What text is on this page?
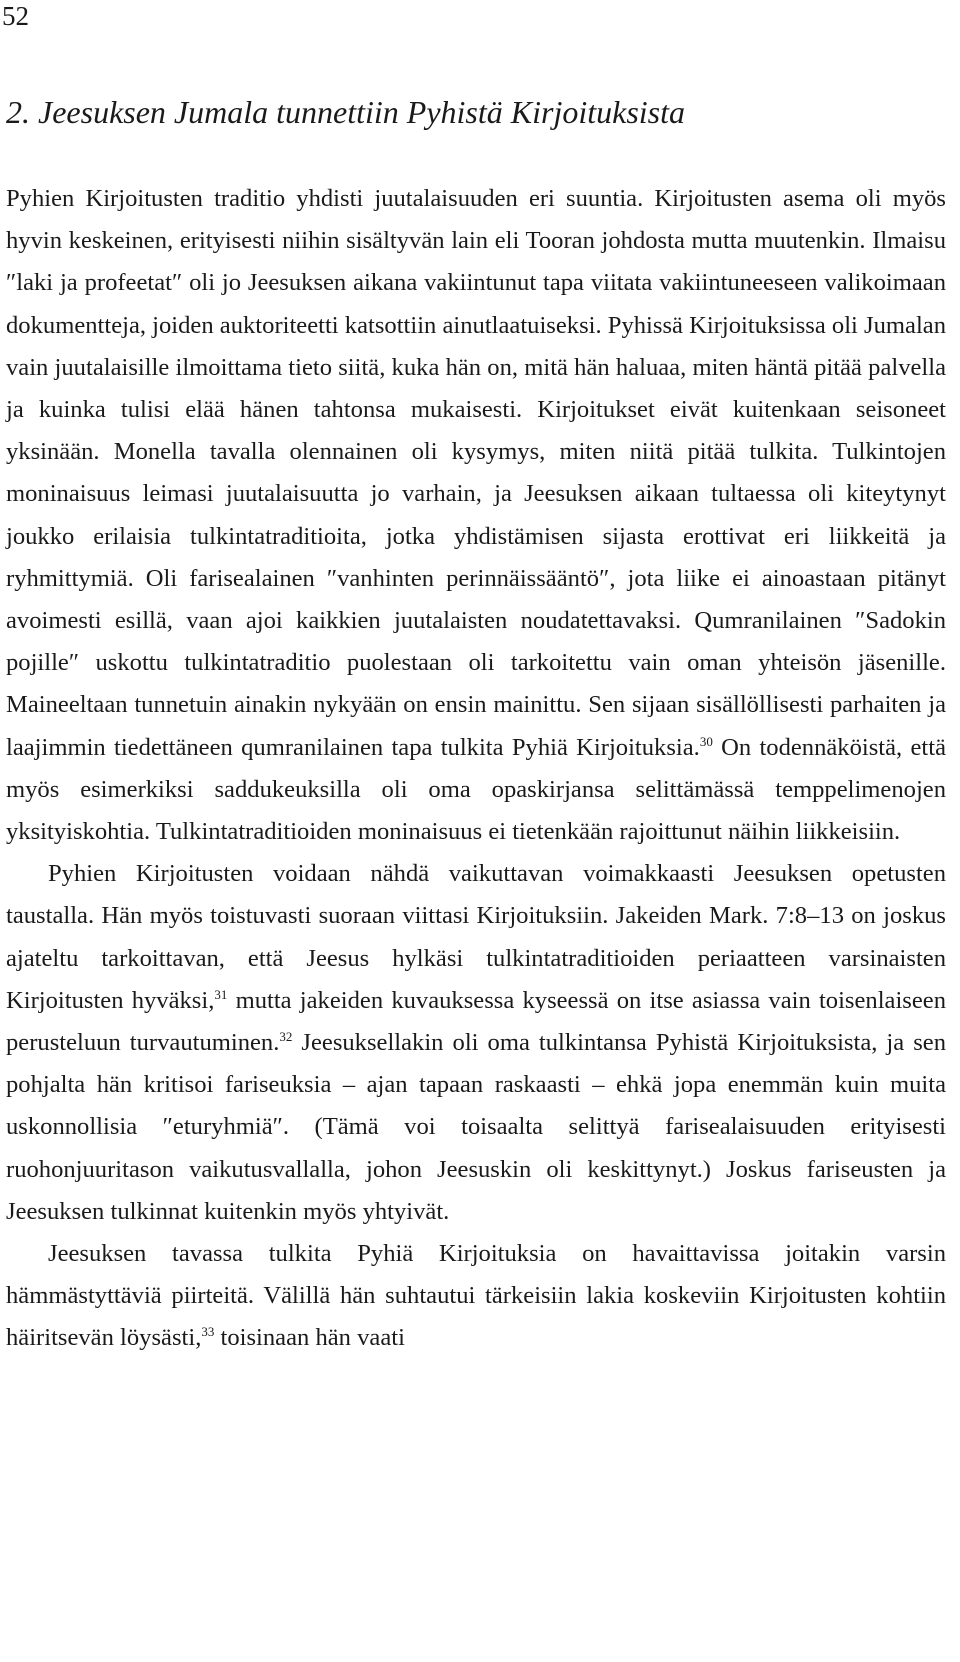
52
2. Jeesuksen Jumala tunnettiin Pyhistä Kirjoituksista

Pyhien Kirjoitusten traditio yhdisti juutalaisuuden eri suuntia. Kirjoitusten asema oli myös hyvin keskeinen, erityisesti niihin sisältyvän lain eli Tooran johdosta mutta muutenkin. Ilmaisu ″laki ja profeetat″ oli jo Jeesuksen aikana vakiintunut tapa viitata vakiintuneeseen valikoimaan dokumentteja, joiden auktoriteetti katsottiin ainutlaatuiseksi. Pyhissä Kirjoituksissa oli Jumalan vain juutalaisille ilmoittama tieto siitä, kuka hän on, mitä hän haluaa, miten häntä pitää palvella ja kuinka tulisi elää hänen tahtonsa mukaisesti. Kirjoitukset eivät kuitenkaan seisoneet yksinään. Monella tavalla olennainen oli kysymys, miten niitä pitää tulkita. Tulkintojen moninaisuus leimasi juutalaisuutta jo varhain, ja Jeesuksen aikaan tultaessa oli kiteytynyt joukko erilaisia tulkintatraditioita, jotka yhdistämisen sijasta erottivat eri liikkeitä ja ryhmittymiä. Oli farisealainen ″vanhinten perinnäissääntö″, jota liike ei ainoastaan pitänyt avoimesti esillä, vaan ajoi kaikkien juutalaisten noudatettavaksi. Qumranilainen ″Sadokin pojille″ uskottu tulkintatraditio puolestaan oli tarkoitettu vain oman yhteisön jäsenille. Maineeltaan tunnetuin ainakin nykyään on ensin mainittu. Sen sijaan sisällöllisesti parhaiten ja laajimmin tiedettäneen qumranilainen tapa tulkita Pyhiä Kirjoituksia.$^{30}$ On todennäköistä, että myös esimerkiksi saddukeuksilla oli oma opaskirjansa selittämässä temppelimenojen yksityiskohtia. Tulkintatraditioiden moninaisuus ei tietenkään rajoittunut näihin liikkeisiin.

Pyhien Kirjoitusten voidaan nähdä vaikuttavan voimakkaasti Jeesuksen opetusten taustalla. Hän myös toistuvasti suoraan viittasi Kirjoituksiin. Jakeiden Mark. 7:8–13 on joskus ajateltu tarkoittavan, että Jeesus hylkäsi tulkintatraditioiden periaatteen varsinaisten Kirjoitusten hyväksi,$^{31}$ mutta jakeiden kuvauksessa kyseessä on itse asiassa vain toisenlaiseen perusteluun turvautuminen.$^{32}$ Jeesuksellakin oli oma tulkintansa Pyhistä Kirjoituksista, ja sen pohjalta hän kritisoi fariseuksia – ajan tapaan raskaasti – ehkä jopa enemmän kuin muita uskonnollisia ″eturyhmiä″. (Tämä voi toisaalta selittyä farisealaisuuden erityisesti ruohonjuuritason vaikutusvallalla, johon Jeesuskin oli keskittynyt.) Joskus fariseusten ja Jeesuksen tulkinnat kuitenkin myös yhtyivät.

Jeesuksen tavassa tulkita Pyhiä Kirjoituksia on havaittavissa joitakin varsin hämmästyttäviä piirteitä. Välillä hän suhtautui tärkeisiin lakia koskeviin Kirjoitusten kohtiin häiritsevän löysästi,$^{33}$ toisinaan hän vaati
